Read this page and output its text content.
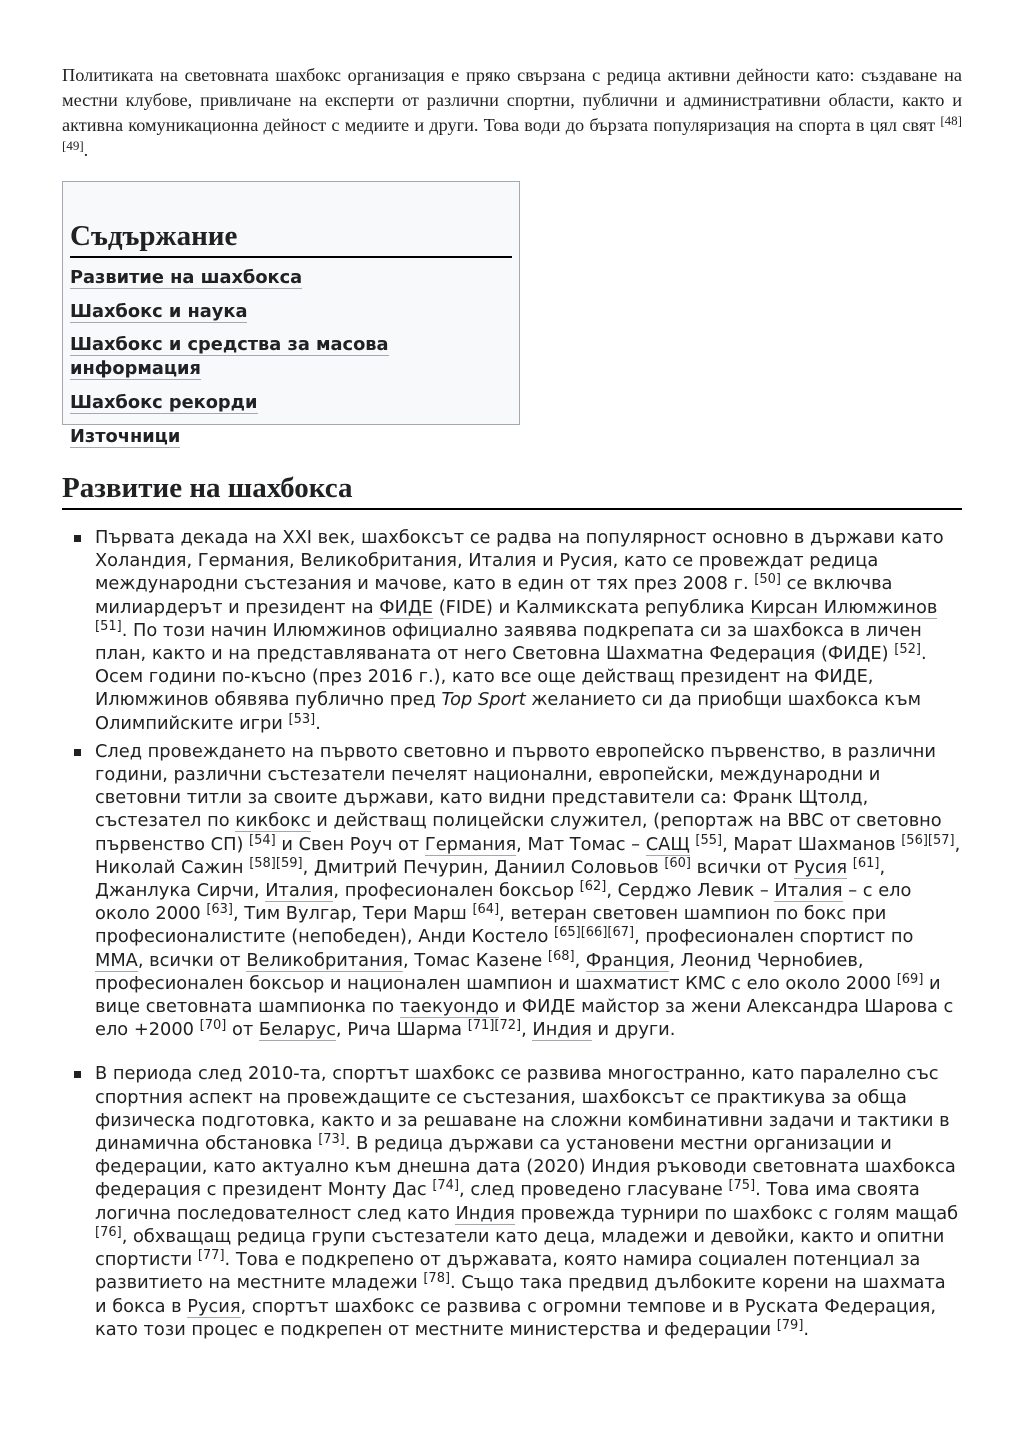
Политиката на световната шахбокс организация е пряко свързана с редица активни дейности като: създаване на местни клубове, привличане на експерти от различни спортни, публични и административни области, както и активна комуникационна дейност с медиите и други. Това води до бързата популяризация на спорта в цял свят [48][49].

Съдържание
Развитие на шахбокса
Шахбокс и наука
Шахбокс и средства за масова информация
Шахбокс рекорди
Източници
Развитие на шахбокса
Първата декада на XXI век, шахбоксът се радва на популярност основно в държави като Холандия, Германия, Великобритания, Италия и Русия, като се провеждат редица международни състезания и мачове, като в един от тях през 2008 г. [50] се включва милиардерът и президент на ФИДЕ (FIDE) и Калмикската република Кирсан Илюмжинов [51]. По този начин Илюмжинов официално заявява подкрепата си за шахбокса в личен план, както и на представляваната от него Световна Шахматна Федерация (ФИДЕ) [52]. Осем години по-късно (през 2016 г.), като все още действащ президент на ФИДЕ, Илюмжинов обявява публично пред Top Sport желанието си да приобщи шахбокса към Олимпийските игри [53].
След провеждането на първото световно и първото европейско първенство, в различни години, различни състезатели печелят национални, европейски, международни и световни титли за своите държави, като видни представители са: Франк Щтолд, състезател по кикбокс и действащ полицейски служител, (репортаж на BBC от световно първенство СП) [54] и Свен Роуч от Германия, Мат Томас – САЩ [55], Марат Шахманов [56][57], Николай Сажин [58][59], Дмитрий Печурин, Даниил Соловьов [60] всички от Русия [61], Джанлука Сирчи, Италия, професионален боксьор [62], Серджо Левик – Италия – с ело около 2000 [63], Тим Вулгар, Тери Марш [64], ветеран световен шампион по бокс при професионалистите (непобеден), Анди Костело [65][66][67], професионален спортист по ММА, всички от Великобритания, Томас Казене [68], Франция, Леонид Чернобиев, професионален боксьор и национален шампион и шахматист КМС с ело около 2000 [69] и вице световната шампионка по таекуондо и ФИДЕ майстор за жени Александра Шарова с ело +2000 [70] от Беларус, Рича Шарма [71][72], Индия и други.
В периода след 2010-та, спортът шахбокс се развива многостранно, като паралелно със спортния аспект на провеждащите се състезания, шахбоксът се практикува за обща физическа подготовка, както и за решаване на сложни комбинативни задачи и тактики в динамична обстановка [73]. В редица държави са установени местни организации и федерации, като актуално към днешна дата (2020) Индия ръководи световната шахбокса федерация с президент Монту Дас [74], след проведено гласуване [75]. Това има своята логична последователност след като Индия провежда турнири по шахбокс с голям мащаб [76], обхващащ редица групи състезатели като деца, младежи и девойки, както и опитни спортисти [77]. Това е подкрепено от държавата, която намира социален потенциал за развитието на местните младежи [78]. Също така предвид дълбоките корени на шахмата и бокса в Русия, спортът шахбокс се развива с огромни темпове и в Руската Федерация, като този процес е подкрепен от местните министерства и федерации [79].
